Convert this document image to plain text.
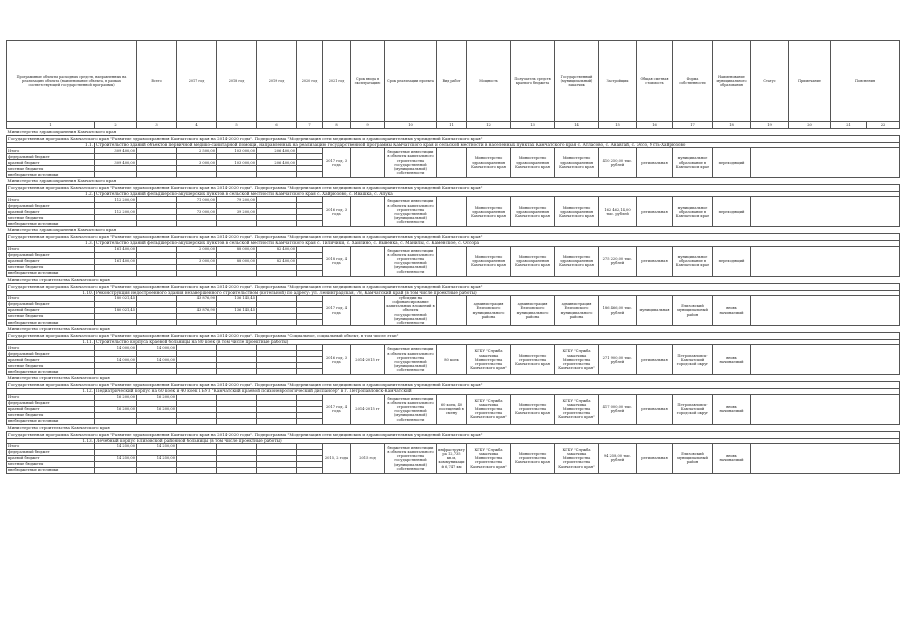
Программные объекты расходных средств, направленных на реализацию объекта (наименование объекта, в рамках соответствующей государственной программы)		Всего	2017 год	2018 год	2019 год	2020 год	2021 год	Срок ввода в эксплуатацию	Срок реализации проекта	Вид работ	Мощность	Получатель средств краевого бюджета	Государственный (муниципальный) заказчик	Застройщик	Общая сметная стоимость	Форма собственности	Наименование муниципального образования	Статус	Примечание	Пояснения	
1	2	3	4	5	6	7	8	9	10	11	12	13	14	15	16	17	18	19	20	21	22
Министерство здравоохранения Камчатского края																					
Государственная программа Камчатского края "Развитие здравоохранения Камчатского края на 2014-2020 годы". Подпрограмма "Модернизация сети медицинских и здравоохранительных учреждений Камчатского края"																					
1.1.	Строительство зданий объектов первичной медико-санитарной помощи, направленных на реализацию государственной программы Камчатского края и сельской местности в населённых пунктах Камчатского края с. Атласово, с. Анавгай, с. Эссо, Усть-Хайрюзово																				
Итого	309 400,00		2 500,00	103 000,00	206 400,00		2017 год, 3 года		бюджетные инвестиции в объекты капитального строительства государственной (муниципальной) собственности		Министерство здравоохранения Камчатского края	Министерство здравоохранения Камчатского края	Министерство здравоохранения Камчатского края	410 250,00 тыс. рублей	региональная	муниципальное образование в Камчатском крае	переходящий				
федеральный бюджет																					
краевой бюджет	309 400,00		3 000,00	103 000,00	206 400,00																
местные бюджеты																					
внебюджетные источники																					
Министерство здравоохранения Камчатского края																					
Государственная программа Камчатского края "Развитие здравоохранения Камчатского края на 2014-2020 годы". Подпрограмма "Модернизация сети медицинских и здравоохранительных учреждений Камчатского края"																					
1.2.	Строительство зданий фельдшерско-акушерских пунктов в сельской местности Камчатского края с. Хайрюзово, с. Ивашка, с. Апука																				
Итого	112 200,00		71 000,00	79 200,00			2016 год, 3 года		бюджетные инвестиции в объекты капитального строительства государственной (муниципальной) собственности		Министерство здравоохранения Камчатского края	Министерство здравоохранения Камчатского края	Министерство здравоохранения Камчатского края	162 462,14,00 тыс. рублей	региональная	муниципальное образование в Камчатском крае	переходящий				
федеральный бюджет																					
краевой бюджет	112 200,00		73 000,00	39 200,00																	
местные бюджеты																					
внебюджетные источники																					
Министерство здравоохранения Камчатского края																					
Государственная программа Камчатского края "Развитие здравоохранения Камчатского края на 2014-2020 годы". Подпрограмма "Модернизация сети медицинских и здравоохранительных учреждений Камчатского края"																					
1.3.	Строительство зданий фельдшерско-акушерских пунктов в сельской местности Камчатского края с. Тиличики, с. Хаилино, с. Вывенка, с. Манилы, с. Каменское, с. Оссора																				
Итого	161 400,00		2 000,00	88 000,00	82 400,00		2018 год, 4 года		бюджетные инвестиции в объекты капитального строительства государственной (муниципальной) собственности		Министерство здравоохранения Камчатского края	Министерство здравоохранения Камчатского края	Министерство здравоохранения Камчатского края	275 220,00 тыс. рублей	региональная	муниципальное образование в Камчатском крае	переходящий				
федеральный бюджет																					
краевой бюджет	161 400,00		3 000,00	88 000,00	82 400,00																
местные бюджеты																					
внебюджетные источники																					
Министерство строительства Камчатского края																					
Государственная программа Камчатского края "Развитие здравоохранения Камчатского края на 2014-2020 годы". Подпрограмма "Модернизация сети медицинских и здравоохранительных учреждений Камчатского края"																					
1.10.	Реконструкция недостроенного здания незавершённого строительством (котельной) по адресу: ул. Ленинградская, 78, Камчатский край (в том числе проектные работы)																				
Итого	180 021,45		43 876,90	136 145,45			2017 год, 4 года		субсидии на софинансирование капитальных вложений в объекты государственной (муниципальной) собственности		администрация Елизовского муниципального района	администрация Елизовского муниципального района	администрация Елизовского муниципального района	186 466,00 тыс. рублей	муниципальная	Елизовский муниципальный район	вновь начинаемый				
федеральный бюджет																					
краевой бюджет	180 021,45		43 876,90	136 145,45																	
местные бюджеты																					
внебюджетные источники																					
Министерство строительства Камчатского края																					
Государственная программа Камчатского края "Развитие здравоохранения Камчатского края на 2014-2020 годы". Подпрограмма "Социальное, социальный объект, в том числе этап"																					
1.11.	Строительство корпуса краевой больницы на 80 коек (в том числе проектные работы)																				
Итого	14 000,00	14 000,00					2016 год, 3 года	2014-2015 гг	бюджетные инвестиции в объекты капитального строительства государственной (муниципальной) собственности	80 коек	КГБУ "Служба заказчика Министерства строительства Камчатского края"	Министерство строительства Камчатского края	КГБУ "Служба заказчика Министерства строительства Камчатского края"	271 900,00 тыс. рублей	региональная	Петропавловск-Камчатский городской округ	вновь начинаемый				
федеральный бюджет																					
краевой бюджет	14 000,00	14 000,00																			
местные бюджеты																					
внебюджетные источники																					
Министерство строительства Камчатского края																					
Государственная программа Камчатского края "Развитие здравоохранения Камчатского края на 2014-2020 годы". Подпрограмма "Модернизация сети медицинских и здравоохранительных учреждений Камчатского края"																					
1.12.	Педиатрический корпус на 60 коек и 40 коек ГБУЗ "Камчатский краевой психоневрологический диспансер" в г. Петропавловск-Камчатский																				
Итого	16 200,00	16 200,00					2017 год, 4 года	2014-2015 гг	бюджетные инвестиции в объекты капитального строительства государственной (муниципальной) собственности	60 коек, 40 посещений в смену	КГБУ "Служба заказчика Министерства строительства Камчатского края"	Министерство строительства Камчатского края	КГБУ "Служба заказчика Министерства строительства Камчатского края"	417 000,00 тыс. рублей	региональная	Петропавловск-Камчатский городской округ	вновь начинаемый				
федеральный бюджет																					
краевой бюджет	16 200,00	16 200,00																			
местные бюджеты																					
внебюджетные источники																					
Министерство строительства Камчатского края																					
Государственная программа Камчатского края "Развитие здравоохранения Камчатского края на 2014-2020 годы". Подпрограмма "Модернизация сети медицинских и здравоохранительных учреждений Камчатского края"																					
1.13.	Лечебный корпус Елизовской районной больницы (в том числе проектные работы)																				
Итого	14 250,00	14 250,00					2015, 2 года	2015 год	бюджетные инвестиции в объекты капитального строительства государственной (муниципальной) собственности	инфраструктура 12,735 кв.м, коммуникаций 6,747 км	КГБУ "Служба заказчика Министерства строительства Камчатского края"	Министерство строительства Камчатского края	КГБУ "Служба заказчика Министерства строительства Камчатского края"	94 258,00 тыс. рублей	региональная	Елизовский муниципальный район	вновь начинаемый				
федеральный бюджет																					
краевой бюджет	14 250,00	14 250,00																			
местные бюджеты																					
внебюджетные источники																					
